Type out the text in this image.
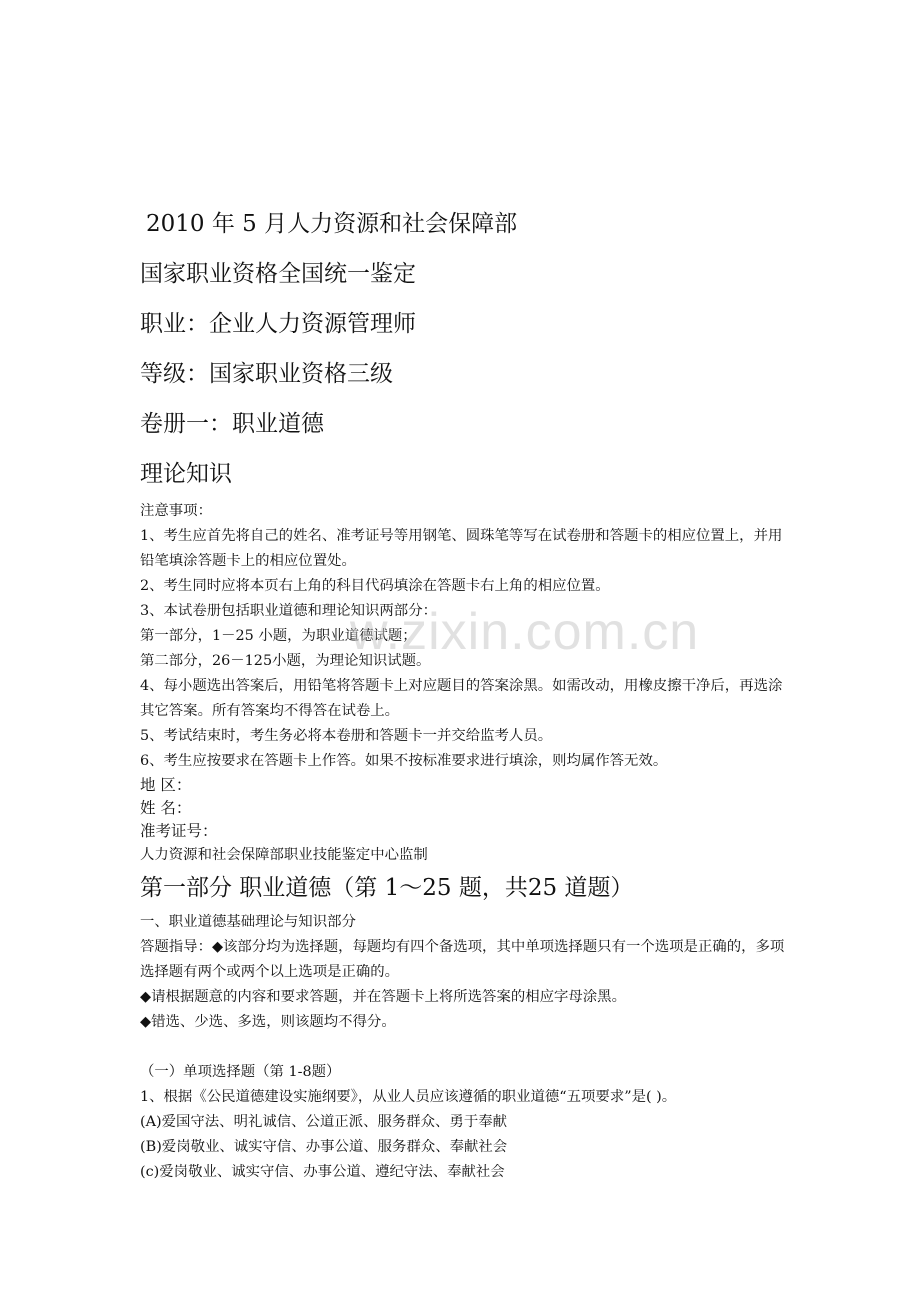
2010 年 5 月人力资源和社会保障部

国家职业资格全国统一鉴定

职业：企业人力资源管理师

等级：国家职业资格三级

卷册一：职业道德

理论知识

注意事项：

1、考生应首先将自己的姓名、准考证号等用钢笔、圆珠笔等写在试卷册和答题卡的相应位置上，并用铅笔填涂答题卡上的相应位置处。

2、考生同时应将本页右上角的科目代码填涂在答题卡右上角的相应位置。

3、本试卷册包括职业道德和理论知识两部分：

第一部分，1－25 小题，为职业道德试题；

第二部分，26－125小题，为理论知识试题。

4、每小题选出答案后，用铅笔将答题卡上对应题目的答案涂黑。如需改动，用橡皮擦干净后，再选涂其它答案。所有答案均不得答在试卷上。

5、考试结束时，考生务必将本卷册和答题卡一并交给监考人员。

6、考生应按要求在答题卡上作答。如果不按标准要求进行填涂，则均属作答无效。

地 区：

姓 名：

准考证号：

人力资源和社会保障部职业技能鉴定中心监制

第一部分 职业道德（第 1～25 题，共25 道题）

一、职业道德基础理论与知识部分

答题指导：◆该部分均为选择题，每题均有四个备选项，其中单项选择题只有一个选项是正确的，多项选择题有两个或两个以上选项是正确的。

◆请根据题意的内容和要求答题，并在答题卡上将所选答案的相应字母涂黑。

◆错选、少选、多选，则该题均不得分。

（一）单项选择题（第 1-8题）

1、根据《公民道德建设实施纲要》，从业人员应该遵循的职业道德“五项要求”是( )。

(A)爱国守法、明礼诚信、公道正派、服务群众、勇于奉献

(B)爱岗敬业、诚实守信、办事公道、服务群众、奉献社会

(c)爱岗敬业、诚实守信、办事公道、遵纪守法、奉献社会

w.zixin.com.cn
